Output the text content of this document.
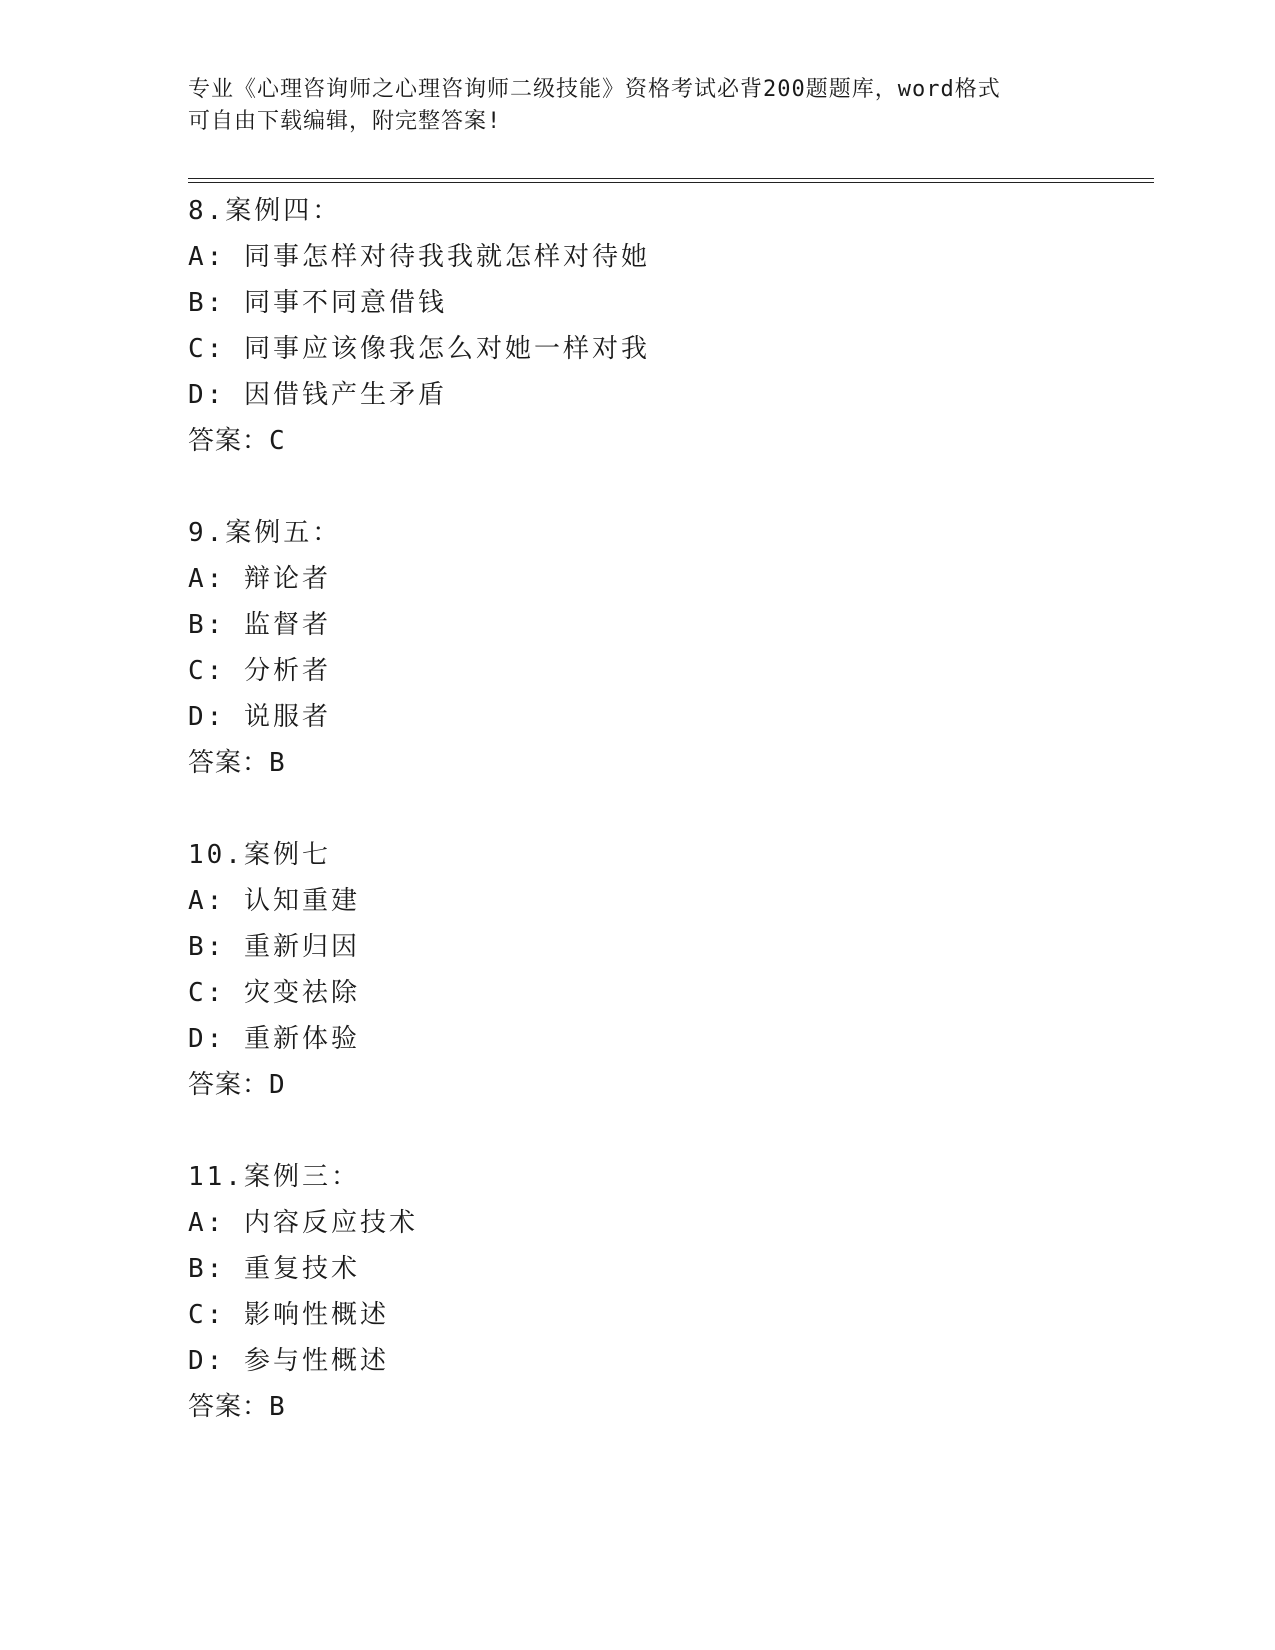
专业《心理咨询师之心理咨询师二级技能》资格考试必背200题题库，word格式
可自由下载编辑，附完整答案!
8.案例四：
A: 同事怎样对待我我就怎样对待她
B: 同事不同意借钱
C: 同事应该像我怎么对她一样对我
D: 因借钱产生矛盾
答案：C
9.案例五：
A: 辩论者
B: 监督者
C: 分析者
D: 说服者
答案：B
10.案例七
A: 认知重建
B: 重新归因
C: 灾变祛除
D: 重新体验
答案：D
11.案例三：
A: 内容反应技术
B: 重复技术
C: 影响性概述
D: 参与性概述
答案：B
